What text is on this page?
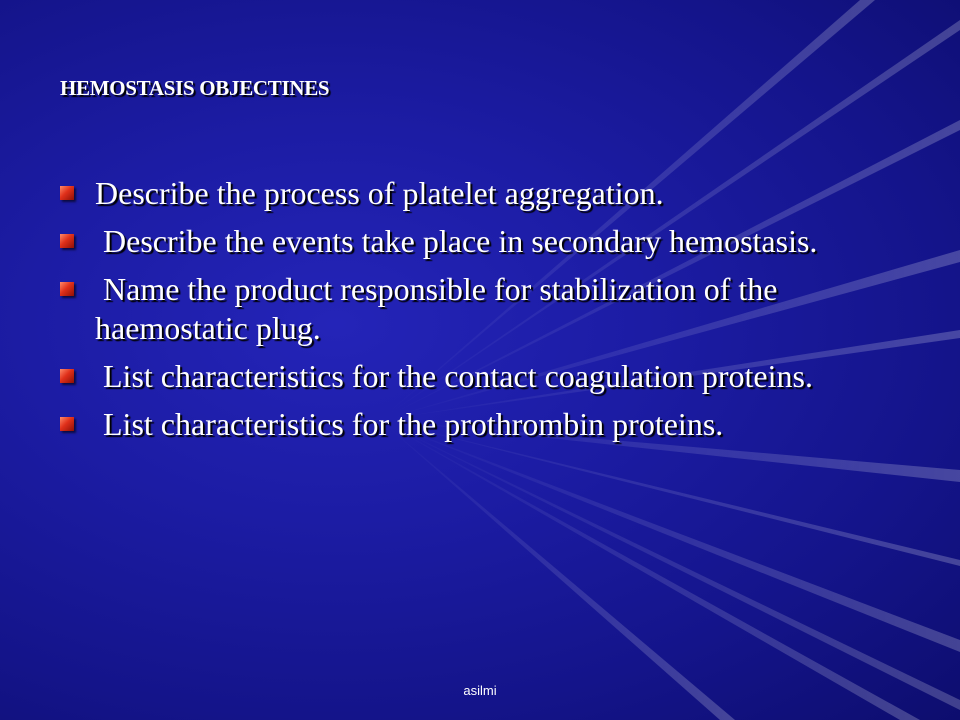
HEMOSTASIS OBJECTINES
Describe the process of platelet aggregation.
Describe the events take place in secondary hemostasis.
Name the product responsible for stabilization of the haemostatic plug.
List characteristics for the contact coagulation proteins.
List characteristics for the prothrombin proteins.
asilmi
